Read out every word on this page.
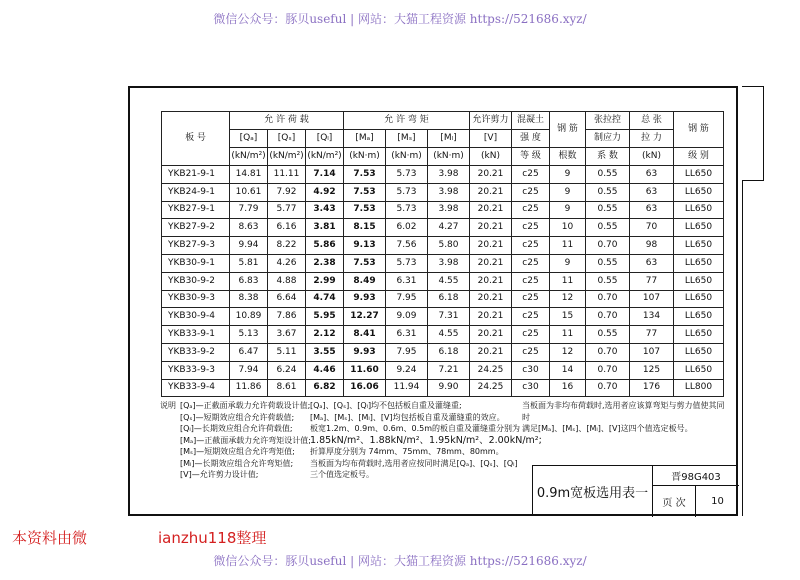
微信公众号：豚贝useful | 网站：大猫工程资源 https://521686.xyz/
板 号	允 许 荷 载			允 许 弯 矩			允许剪力	混凝土	钢 筋	张拉控	总 张	钢 筋
	[Qₐ]	[Qₛ]	[Qₗ]	[Mₐ]	[Mₛ]	[Mₗ]	[V]	强 度		制应力	拉 力	
	(kN/m²)	(kN/m²)	(kN/m²)	(kN·m)	(kN·m)	(kN·m)	(kN)	等 级	根数	系 数	(kN)	级 别
YKB21-9-1	14.81	11.11	7.14	7.53	5.73	3.98	20.21	c25	9	0.55	63	LL650
YKB24-9-1	10.61	7.92	4.92	7.53	5.73	3.98	20.21	c25	9	0.55	63	LL650
YKB27-9-1	7.79	5.77	3.43	7.53	5.73	3.98	20.21	c25	9	0.55	63	LL650
YKB27-9-2	8.63	6.16	3.81	8.15	6.02	4.27	20.21	c25	10	0.55	70	LL650
YKB27-9-3	9.94	8.22	5.86	9.13	7.56	5.80	20.21	c25	11	0.70	98	LL650
YKB30-9-1	5.81	4.26	2.38	7.53	5.73	3.98	20.21	c25	9	0.55	63	LL650
YKB30-9-2	6.83	4.88	2.99	8.49	6.31	4.55	20.21	c25	11	0.55	77	LL650
YKB30-9-3	8.38	6.64	4.74	9.93	7.95	6.18	20.21	c25	12	0.70	107	LL650
YKB30-9-4	10.89	7.86	5.95	12.27	9.09	7.31	20.21	c25	15	0.70	134	LL650
YKB33-9-1	5.13	3.67	2.12	8.41	6.31	4.55	20.21	c25	11	0.55	77	LL650
YKB33-9-2	6.47	5.11	3.55	9.93	7.95	6.18	20.21	c25	12	0.70	107	LL650
YKB33-9-3	7.94	6.24	4.46	11.60	9.24	7.21	24.25	c30	14	0.70	125	LL650
YKB33-9-4	11.86	8.61	6.82	16.06	11.94	9.90	24.25	c30	16	0.70	176	LL800
说明 [Qₐ]—正截面承载力允许荷载设计值;
[Qₛ]—短期效应组合允许荷载值;
[Qₗ]—长期效应组合允许荷载值;
[Mₐ]—正截面承载力允许弯矩设计值;
[Mₛ]—短期效应组合允许弯矩值;
[Mₗ]—长期效应组合允许弯矩值;
[V]—允许剪力设计值;
[Qₐ]、[Qₛ]、[Qₗ]均不包括板自重及灌缝重;
[Mₐ]、[Mₛ]、[Mₗ]、[V]均包括板自重及灌缝重的效应。
板宽1.2m、0.9m、0.6m、0.5m的板自重及灌缝重分别为
1.85kN/m²、1.88kN/m²、1.95kN/m²、2.00kN/m²;
折算厚度分别为 74mm、75mm、78mm、80mm。
当板面为均布荷载时,选用者应按同时满足[Qₐ]、[Qₛ]、[Qₗ]
三个值选定板号。
当板面为非均布荷载时,选用者应该算弯矩与剪力值使其同时
满足[Mₐ]、[Mₛ]、[Mₗ]、[V]这四个值选定板号。
0.9m宽板选用表一
晋98G403
页 次	10
本资料由微	ianzhu118整理
微信公众号：豚贝useful | 网站：大猫工程资源 https://521686.xyz/
